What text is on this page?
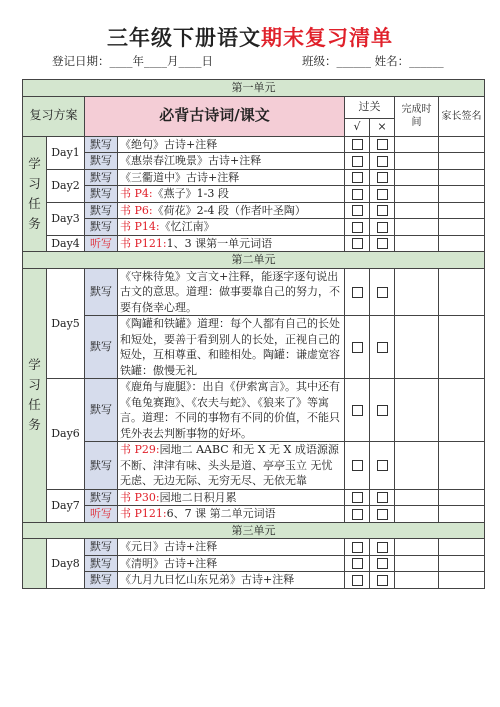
三年级下册语文期末复习清单
登记日期：____年____月____日	班级：______ 姓名：______
第一单元							
复习方案		必背古诗词/课文		过关		完成时间	家长签名
				√	×		
学习任务	Day1	默写	《绝句》古诗+注释				
		默写	《惠崇春江晚景》古诗+注释				
	Day2	默写	《三衢道中》古诗+注释				
		默写	书 P4:《燕子》1-3 段				
	Day3	默写	书 P6:《荷花》2-4 段（作者叶圣陶）				
		默写	书 P14:《忆江南》				
	Day4	听写	书 P121:1、3 课第一单元词语				
第二单元							
学习任务	Day5	默写	《守株待兔》文言文+注释，能逐字逐句说出古文的意思。道理：做事要靠自己的努力，不要有侥幸心理。				
		默写	《陶罐和铁罐》道理：每个人都有自己的长处和短处，要善于看到别人的长处，正视自己的短处，互相尊重、和睦相处。陶罐：谦虚宽容 铁罐：傲慢无礼				
	Day6	默写	《鹿角与鹿腿》：出自《伊索寓言》。其中还有《龟兔赛跑》、《农夫与蛇》、《狼来了》等寓言。道理：不同的事物有不同的价值，不能只凭外表去判断事物的好坏。				
		默写	书 P29:园地二 AABC 和无 X 无 X 成语源源不断、津津有味、头头是道、亭亭玉立 无忧无虑、无边无际、无穷无尽、无依无靠				
	Day7	默写	书 P30:园地二日积月累				
		听写	书 P121:6、7 课 第二单元词语				
第三单元							
	Day8	默写	《元日》古诗+注释				
		默写	《清明》古诗+注释				
		默写	《九月九日忆山东兄弟》古诗+注释				
